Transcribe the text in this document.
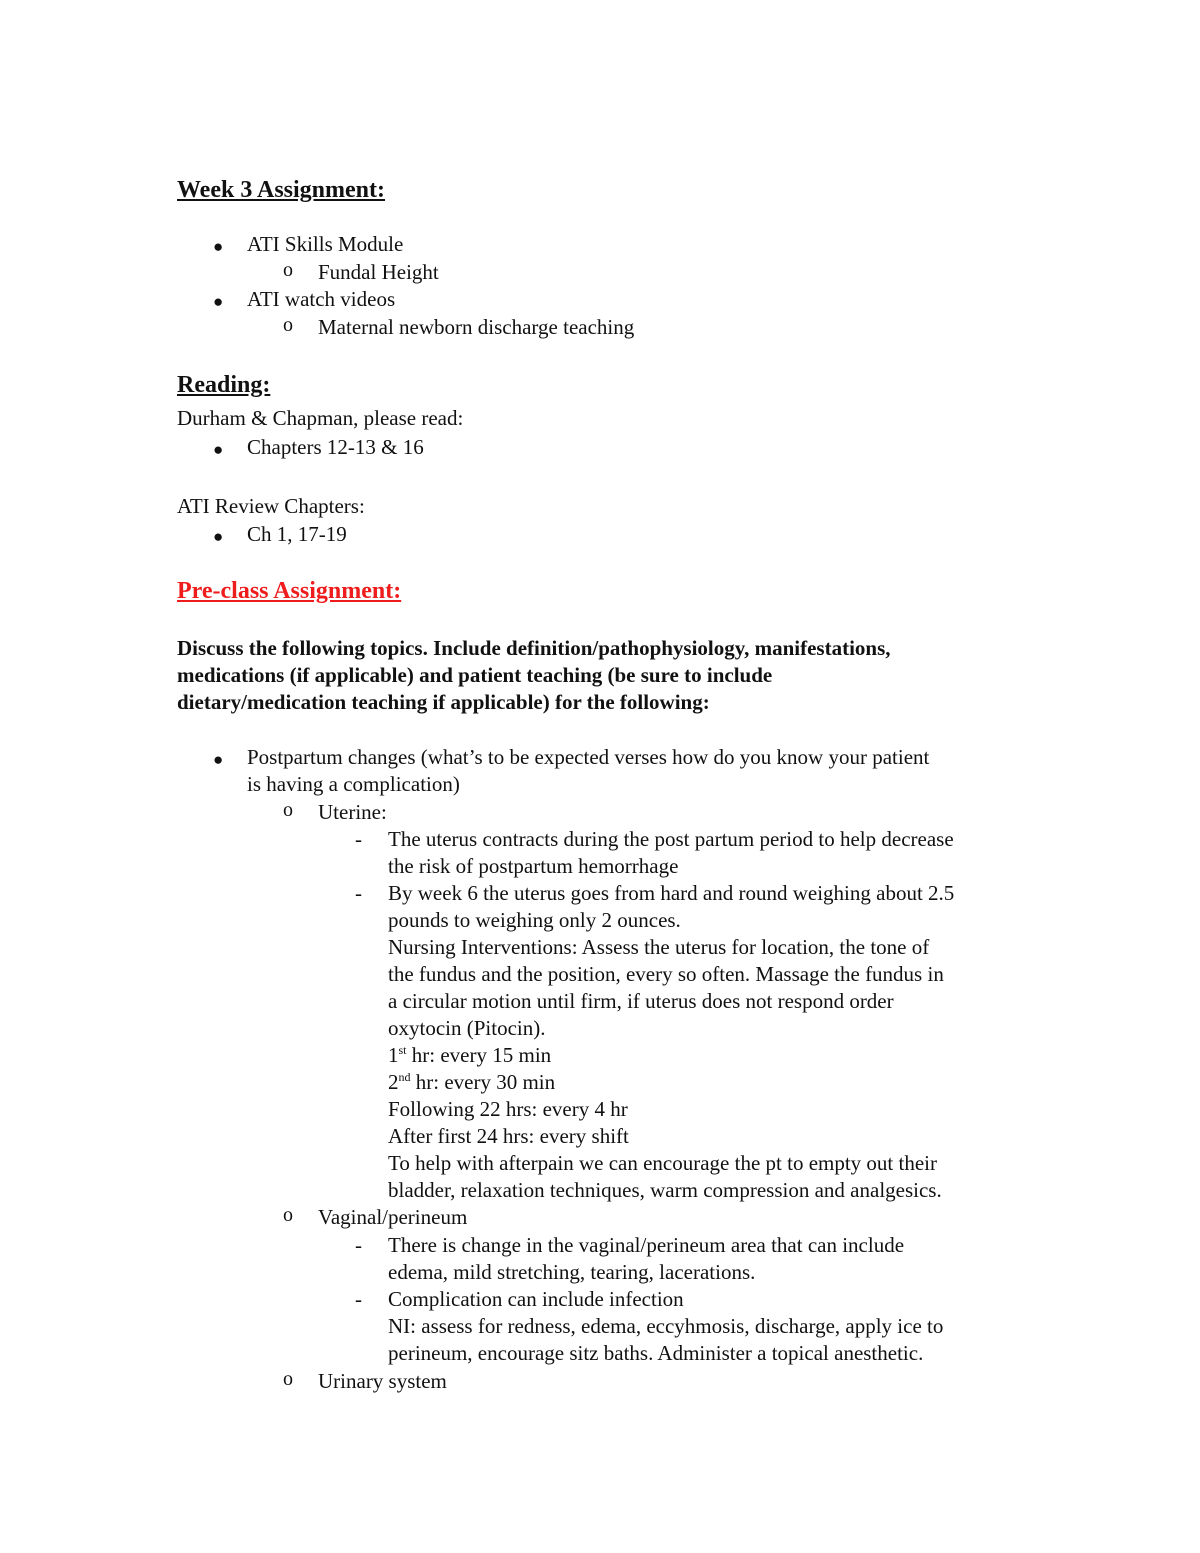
Week 3 Assignment:
● ATI Skills Module
o Fundal Height
● ATI watch videos
o Maternal newborn discharge teaching
Reading:
Durham & Chapman, please read:
● Chapters 12-13 & 16
ATI Review Chapters:
● Ch 1, 17-19
Pre-class Assignment:
Discuss the following topics. Include definition/pathophysiology, manifestations,
medications (if applicable) and patient teaching (be sure to include
dietary/medication teaching if applicable) for the following:
● Postpartum changes (what’s to be expected verses how do you know your patient
is having a complication)
o Uterine:
- The uterus contracts during the post partum period to help decrease
the risk of postpartum hemorrhage
- By week 6 the uterus goes from hard and round weighing about 2.5
pounds to weighing only 2 ounces.
Nursing Interventions: Assess the uterus for location, the tone of
the fundus and the position, every so often. Massage the fundus in
a circular motion until firm, if uterus does not respond order
oxytocin (Pitocin).
1st hr: every 15 min
2nd hr: every 30 min
Following 22 hrs: every 4 hr
After first 24 hrs: every shift
To help with afterpain we can encourage the pt to empty out their
bladder, relaxation techniques, warm compression and analgesics.
o Vaginal/perineum
- There is change in the vaginal/perineum area that can include
edema, mild stretching, tearing, lacerations.
- Complication can include infection
NI: assess for redness, edema, eccyhmosis, discharge, apply ice to
perineum, encourage sitz baths. Administer a topical anesthetic.
o Urinary system
